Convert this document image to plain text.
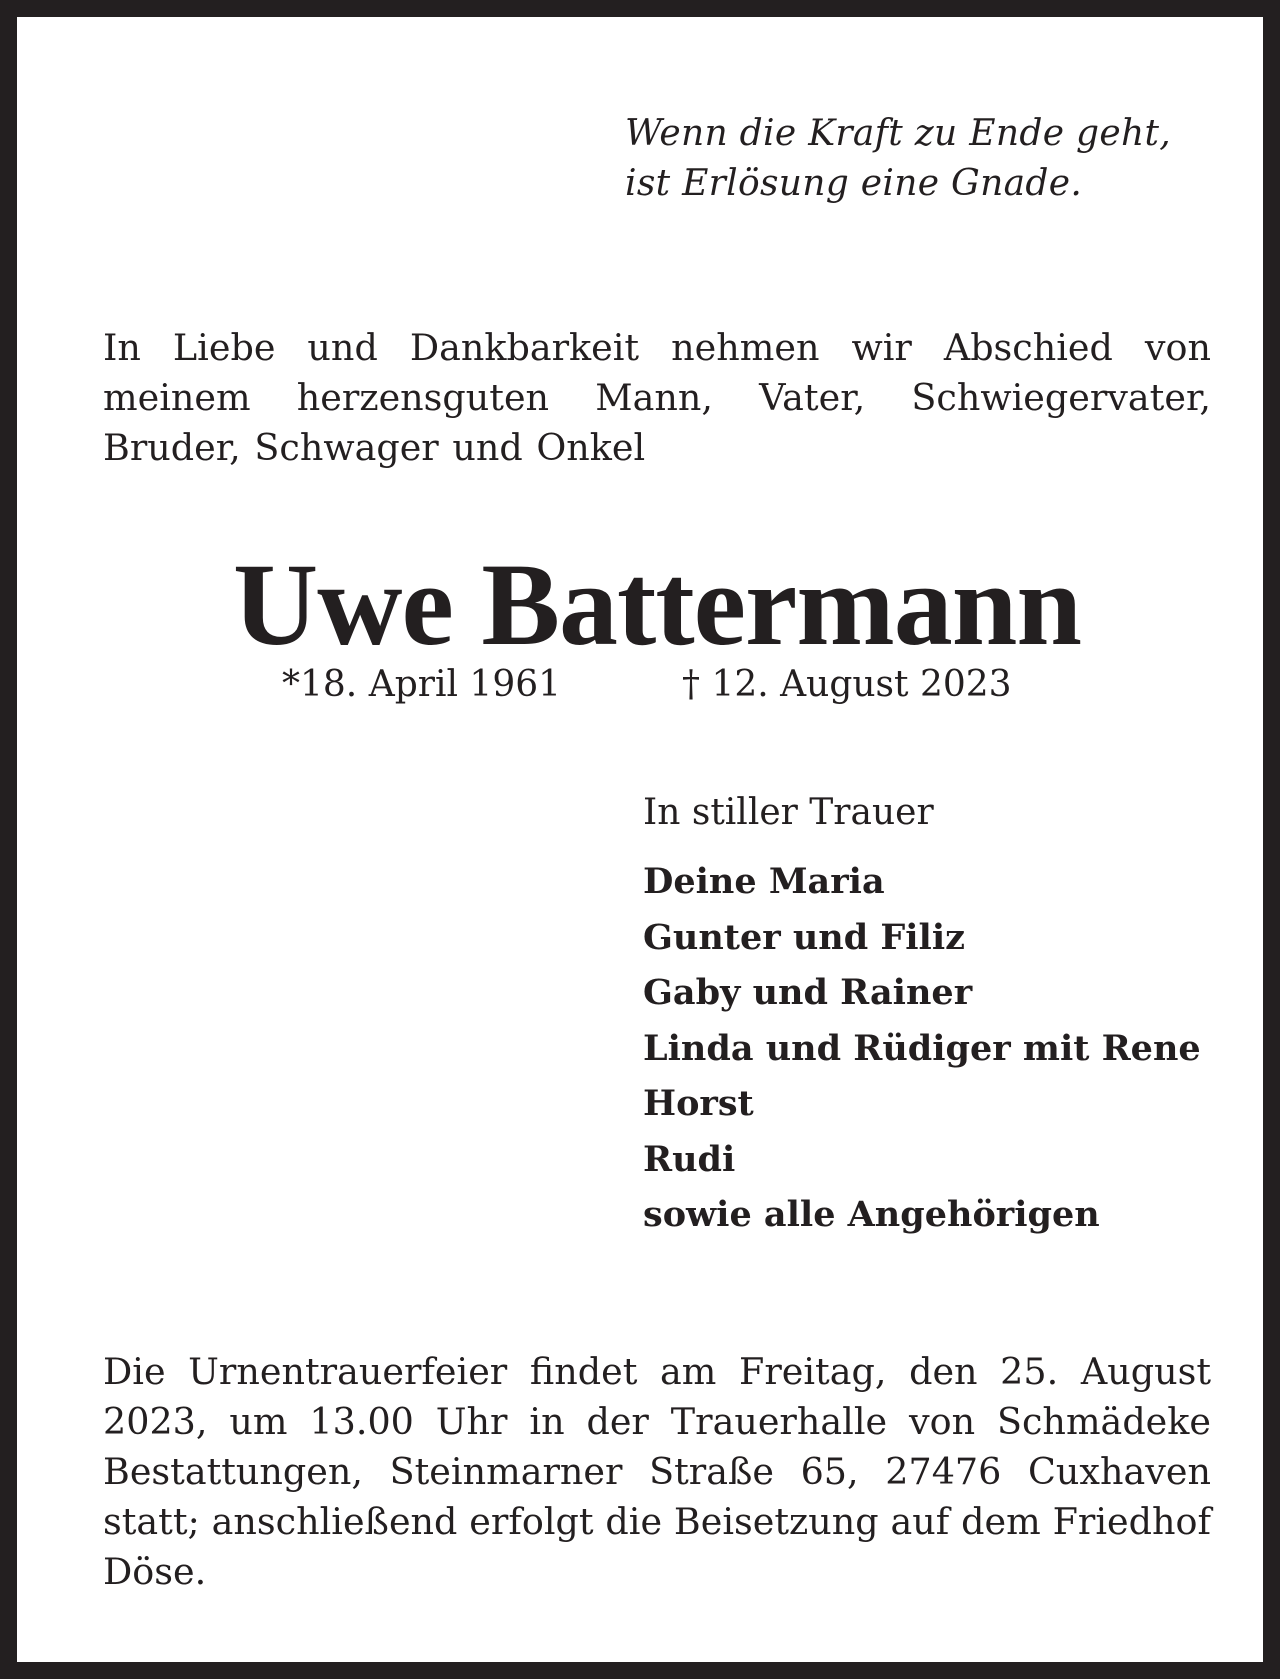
Wenn die Kraft zu Ende geht,
ist Erlösung eine Gnade.

In Liebe und Dankbarkeit nehmen wir Abschied von meinem herzensguten Mann, Vater, Schwiegervater, Bruder, Schwager und Onkel

Uwe Battermann
*18. April 1961	† 12. August 2023
In stiller Trauer
Deine Maria
Gunter und Filiz
Gaby und Rainer
Linda und Rüdiger mit Rene
Horst
Rudi
sowie alle Angehörigen

Die Urnentrauerfeier findet am Freitag, den 25. August 2023, um 13.00 Uhr in der Trauerhalle von Schmädeke Bestattungen, Steinmarner Straße 65, 27476 Cuxhaven statt; anschließend erfolgt die Beisetzung auf dem Friedhof Döse.
